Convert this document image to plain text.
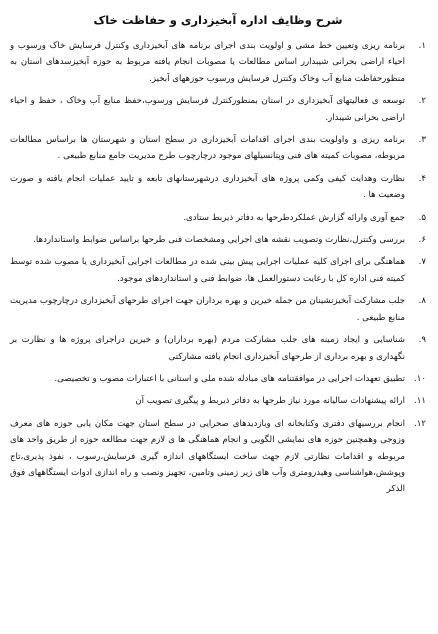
شرح وظایف اداره آبخیزداری و حفاظت خاک
۱.
برنامه ریزی وتعیین خط مشی و اولویت بندی اجرای برنامه های آبخیزداری وکنترل فرسایش خاک ورسوب و احیاء اراضی بحرانی شیبدارر اساس مطالعات یا مصوبات انجام یافته مربوط به حوزه آبخیزسدهای استان به منظورحفاظت منابع آب وخاک وکنترل فرسایش ورسوب حوزههای آبخیز.
۲.
توسعه ی فعالیتهای آبخیزداری در استان بمنظورکنترل فرسایش ورسوب،حفظ منابع آب وخاک ، حفظ و احیاء اراضی بحرانی شیبدار.
۳.
برنامه ریزی و واولویت بندی اجرای اقدامات آبخیزداری در سطح استان و شهرستان ها براساس مطالعات مربوطه، مصوبات کمیته های فنی وپتانسیلهای موجود درچارچوب طرح مدیریت جامع منابع طبیعی .
۴.
نظارت وهدایت کیفی وکمی پروژه های آبخیزداری درشهرستانهای تابعه و تایید عملیات انجام یافته و صورت وضعیت ها .
۵.
جمع آوری وارائه گزارش عملکردطرحها به دفاتر ذیربط ستادی.
۶.
بررسی وکنترل،نظارت وتصویب نقشه های اجرایی ومشخصات فنی طرحها براساس ضوابط واستانداردها.
۷.
هماهنگی برای اجرای کلیه عملیات اجرایی پیش بینی شده در مطالعات اجرایی آبخیزداری یا مصوب شده توسط کمیته فنی اداره کل با رعایت دستورالعمل ها، ضوابط فنی و استانداردهای موجود.
۸.
جلب مشارکت آبخیزنشینان من جمله خیرین و بهره برداران جهت اجرای طرحهای آبخیزداری درچارچوب مدیریت منابع طبیعی .
۹.
شناسایی و ایجاد زمینه های جلب مشارکت مردم (بهره برداران) و خیرین دراجرای پروژه ها و نظارت بر نگهداری و بهره برداری از طرحهای آبخیزداری انجام یافته مشارکتی
۱۰.
تطبیق تعهدات اجرایی در موافقتنامه های مبادله شده ملی و استانی با اعتبارات مصوب و تخصیصی.
۱۱.
ارائه پیشنهادات سالیانه مورد نیاز طرحها به دفاتر ذیربط و پیگیری تصویب آن
۱۲.
انجام بررسیهای دفتری وکتابخانه ای وبازدیدهای صحرایی در سطح استان جهت مکان یابی حوزه های معرف وزوجی وهمچنین حوزه های نمایشی الگویی و انجام هماهنگی ها ی لازم جهت مطالعه حوزه از طریق واحد های مربوطه و اقدامات نظارتی لازم جهت ساخت ایستگاههای اندازه گیری فرسایش،رسوب ، نفوذ پذیری،تاج وپوشش،هواشناسی وهیدرومتری وآب های زیر زمینی وتامین، تجهیز ونصب و راه اندازی ادوات ایستگاههای فوق الذکر
